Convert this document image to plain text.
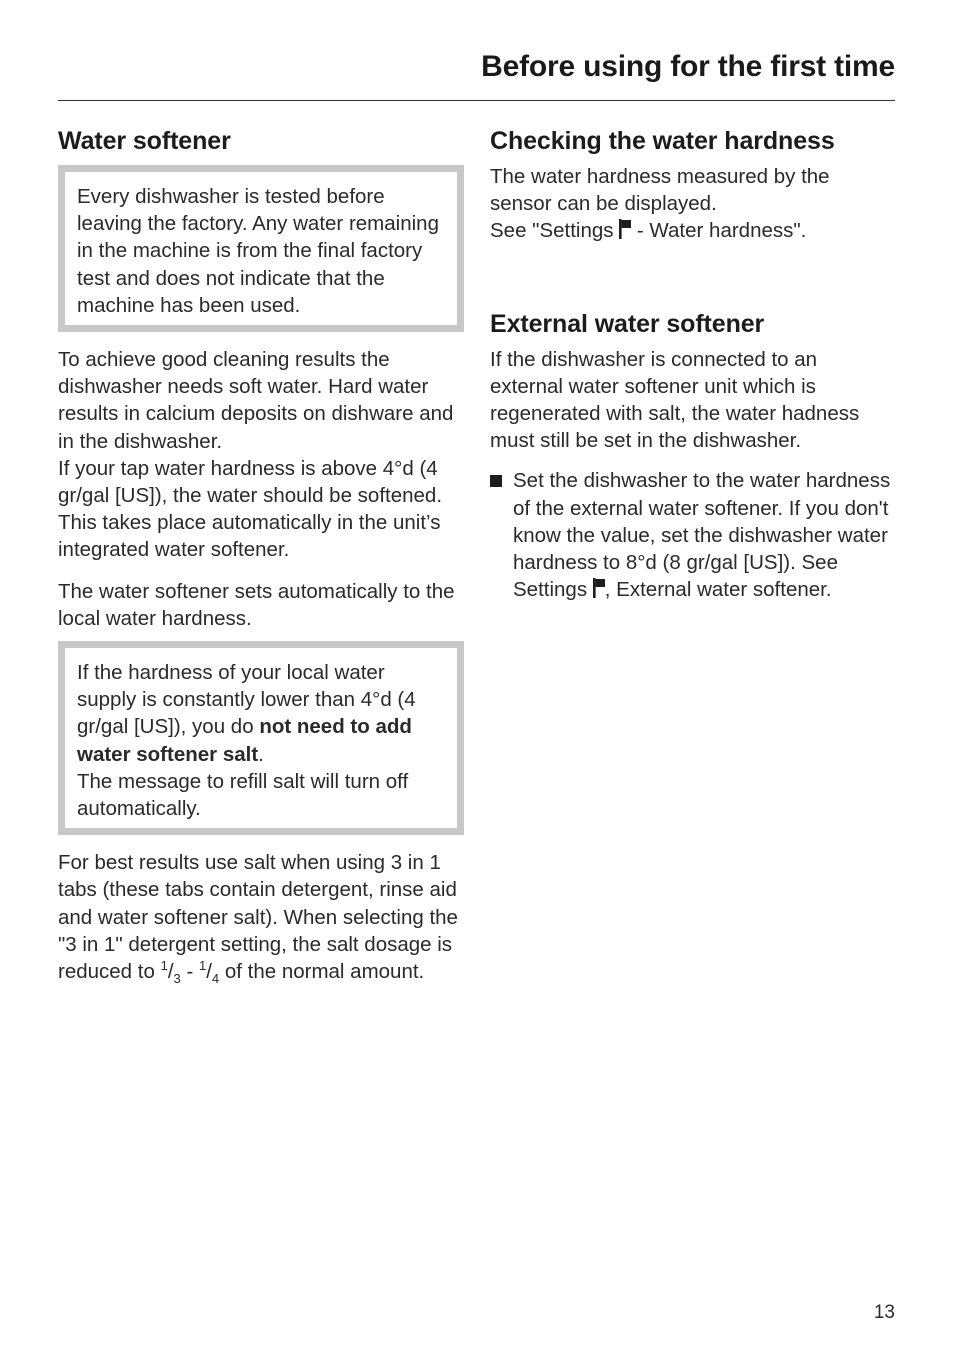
Before using for the first time
Water softener

Every dishwasher is tested before leaving the factory. Any water remaining in the machine is from the final factory test and does not indicate that the machine has been used.

To achieve good cleaning results the dishwasher needs soft water. Hard water results in calcium deposits on dishware and in the dishwasher.

If your tap water hardness is above 4°d (4 gr/gal [US]), the water should be softened. This takes place automatically in the unit’s integrated water softener.

The water softener sets automatically to the local water hardness.

If the hardness of your local water supply is constantly lower than 4°d (4 gr/gal [US]), you do not need to add water softener salt.

The message to refill salt will turn off automatically.

For best results use salt when using 3 in 1 tabs (these tabs contain detergent, rinse aid and water softener salt). When selecting the "3 in 1" detergent setting, the salt dosage is reduced to $^1/_3 - ^1/_4$ of the normal amount.

Checking the water hardness

The water hardness measured by the sensor can be displayed.

See "Settings  - Water hardness".

External water softener

If the dishwasher is connected to an external water softener unit which is regenerated with salt, the water hadness must still be set in the dishwasher.

Set the dishwasher to the water hardness of the external water softener. If you don't know the value, set the dishwasher water hardness to 8°d (8 gr/gal [US]). See Settings , External water softener.

13
